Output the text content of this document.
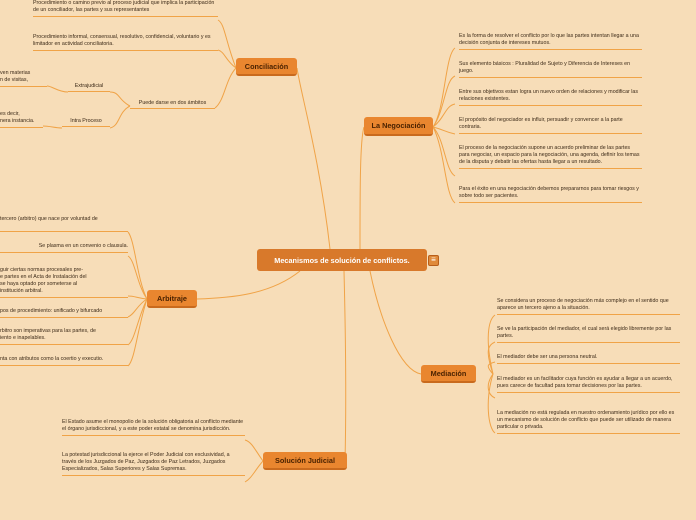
Mecanismos de solución de conflictos.	≡
Conciliación
Procedimiento o camino previo al proceso judicial que implica la participación de un conciliador, las partes y sus representantes
Procedimiento informal, consensual, resolutivo, confidencial, voluntario y es limitador en actividad conciliatoria.
Puede darse en dos ámbitos
Extrajudicial
Intra Proceso
ven materias
n de visitas,
es decir,
nera instancia.	La Negociación
Es la forma de resolver el conflicto por lo que las partes intentan llegar a una decisión conjunta de intereses mutuos.
Sus elemento básicos : Pluralidad de Sujeto y Diferencia de Intereses en juego.
Entre sus objetivos estan logra un nuevo orden de relaciones y modificar las relaciones existentes.
El propósito del negociador es influir, persuadir y convencer a la parte contraria.
El proceso de la negociación supone un acuerdo preliminar de las partes para negociar, un espacio para la negociación, una agenda, definir los temas de la disputa y debatir las ofertas hasta llegar a un resultado.
Para el éxito en una negociación debemos prepararnos para tomar riesgos y sobre todo ser pacientes.
Arbitraje
tercero (arbitro) que nace por voluntad de
Se plasma en un convenio o clausula.
guir ciertas normas procesales pre-
e partes en el Acta de Instalación del
se haya optado por someterse al
institución arbitral.
pos de procedimiento: unificado y bifurcado
rbitro son imperativas para las partes, de
iento e inapelables.
nta con atributos como la coertio y executio.
Mediación
Se considera un proceso de negociación más complejo en el sentido que aparece un tercero ajeno a la situación.
Se ve la participación del mediador, el cual será elegido libremente por las partes.
El mediador debe ser una persona neutral.
El mediador es un facilitador cuya función es ayudar a llegar a un acuerdo, pues carece de facultad para tomar decisiones por las partes.
La mediación no está regulada en nuestro ordenamiento jurídico por ello es un mecanismo de solución de conflicto que puede ser utilizado de manera particular o privada.
Solución Judicial
El Estado asume el monopolio de la solución obligatoria al conflicto mediante el órgano jurisdiccional, y a este poder estatal se denomina jurisdicción.
La potestad jurisdiccional la ejerce el Poder Judicial con exclusividad, a través de los Juzgados de Paz, Juzgados de Paz Letrados, Juzgados Especializados, Salas Superiores y Salas Supremas.
